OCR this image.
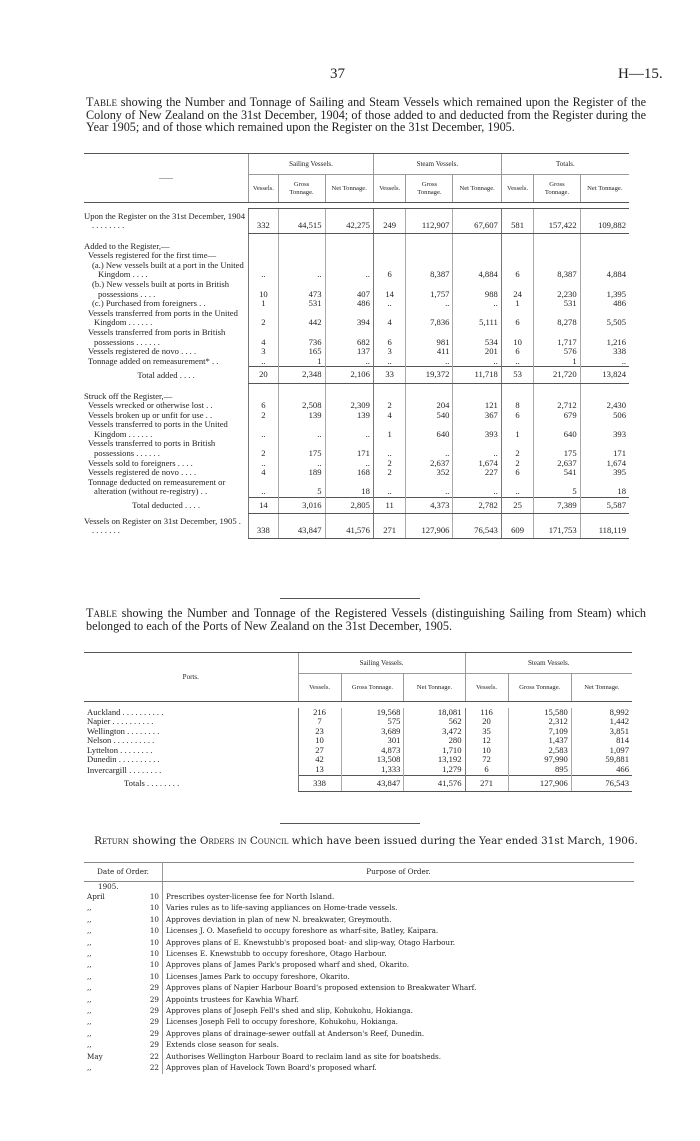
37	H—15.
Table showing the Number and Tonnage of Sailing and Steam Vessels which remained upon the Register of the Colony of New Zealand on the 31st December, 1904; of those added to and deducted from the Register during the Year 1905; and of those which remained upon the Register on the 31st December, 1905.
——	Sailing Vessels.			Steam Vessels.			Totals.		
	Vessels.	Gross Tonnage.	Net Tonnage.	Vessels.	Gross Tonnage.	Net Tonnage.	Vessels.	Gross Tonnage.	Net Tonnage.

Upon the Register on the 31st December, 1904 . . . . . . . .	332	44,515	42,275	249	112,907	67,607	581	157,422	109,882
Added to the Register,—									
Vessels registered for the first time—									
(a.) New vessels built at a port in the United Kingdom . . . .	..	..	..	6	8,387	4,884	6	8,387	4,884
(b.) New vessels built at ports in British possessions . . . .	10	473	407	14	1,757	988	24	2,230	1,395
(c.) Purchased from foreigners . .	1	531	486	..	..	..	1	531	486
Vessels transferred from ports in the United Kingdom . . . . . .	2	442	394	4	7,836	5,111	6	8,278	5,505
Vessels transferred from ports in British possessions . . . . . .	4	736	682	6	981	534	10	1,717	1,216
Vessels registered de novo . . . .	3	165	137	3	411	201	6	576	338
Tonnage added on remeasurement* . .	..	1	..	..	..	..	..	1	..
Total added . . . .	20	2,348	2,106	33	19,372	11,718	53	21,720	13,824
Struck off the Register,—									
Vessels wrecked or otherwise lost . .	6	2,508	2,309	2	204	121	8	2,712	2,430
Vessels broken up or unfit for use . .	2	139	139	4	540	367	6	679	506
Vessels transferred to ports in the United Kingdom . . . . . .	..	..	..	1	640	393	1	640	393
Vessels transferred to ports in British possessions . . . . . .	2	175	171	..	..	..	2	175	171
Vessels sold to foreigners . . . .	..	..	..	2	2,637	1,674	2	2,637	1,674
Vessels registered de novo . . . .	4	189	168	2	352	227	6	541	395
Tonnage deducted on remeasurement or alteration (without re-registry) . .	..	5	18	..	..	..	..	5	18
Total deducted . . . .	14	3,016	2,805	11	4,373	2,782	25	7,389	5,587
Vessels on Register on 31st December, 1905 . . . . . . . .	338	43,847	41,576	271	127,906	76,543	609	171,753	118,119
Table showing the Number and Tonnage of the Registered Vessels (distinguishing Sailing from Steam) which belonged to each of the Ports of New Zealand on the 31st December, 1905.
Ports.	Sailing Vessels.			Steam Vessels.		
	Vessels.	Gross Tonnage.	Net Tonnage.	Vessels.	Gross Tonnage.	Net Tonnage.

Auckland . . . . . . . . . .	216	19,568	18,081	116	15,580	8,992
Napier . . . . . . . . . .	7	575	562	20	2,312	1,442
Wellington . . . . . . . .	23	3,689	3,472	35	7,109	3,851
Nelson . . . . . . . . . .	10	301	280	12	1,437	814
Lyttelton . . . . . . . .	27	4,873	1,710	10	2,583	1,097
Dunedin . . . . . . . . . .	42	13,508	13,192	72	97,990	59,881
Invercargill . . . . . . . .	13	1,333	1,279	6	895	466
Totals . . . . . . . .	338	43,847	41,576	271	127,906	76,543
Return showing the Orders in Council which have been issued during the Year ended 31st March, 1906.
Date of Order.		Purpose of Order.
1905.		
April	10	Prescribes oyster-license fee for North Island.
,,	10	Varies rules as to life-saving appliances on Home-trade vessels.
,,	10	Approves deviation in plan of new N. breakwater, Greymouth.
,,	10	Licenses J. O. Masefield to occupy foreshore as wharf-site, Batley, Kaipara.
,,	10	Approves plans of E. Knewstubb's proposed boat- and slip-way, Otago Harbour.
,,	10	Licenses E. Knewstubb to occupy foreshore, Otago Harbour.
,,	10	Approves plans of James Park's proposed wharf and shed, Okarito.
,,	10	Licenses James Park to occupy foreshore, Okarito.
,,	29	Approves plans of Napier Harbour Board's proposed extension to Breakwater Wharf.
,,	29	Appoints trustees for Kawhia Wharf.
,,	29	Approves plans of Joseph Fell's shed and slip, Kohukohu, Hokianga.
,,	29	Licenses Joseph Fell to occupy foreshore, Kohukohu, Hokianga.
,,	29	Approves plans of drainage-sewer outfall at Anderson's Reef, Dunedin.
,,	29	Extends close season for seals.
May	22	Authorises Wellington Harbour Board to reclaim land as site for boatsheds.
,,	22	Approves plan of Havelock Town Board's proposed wharf.
